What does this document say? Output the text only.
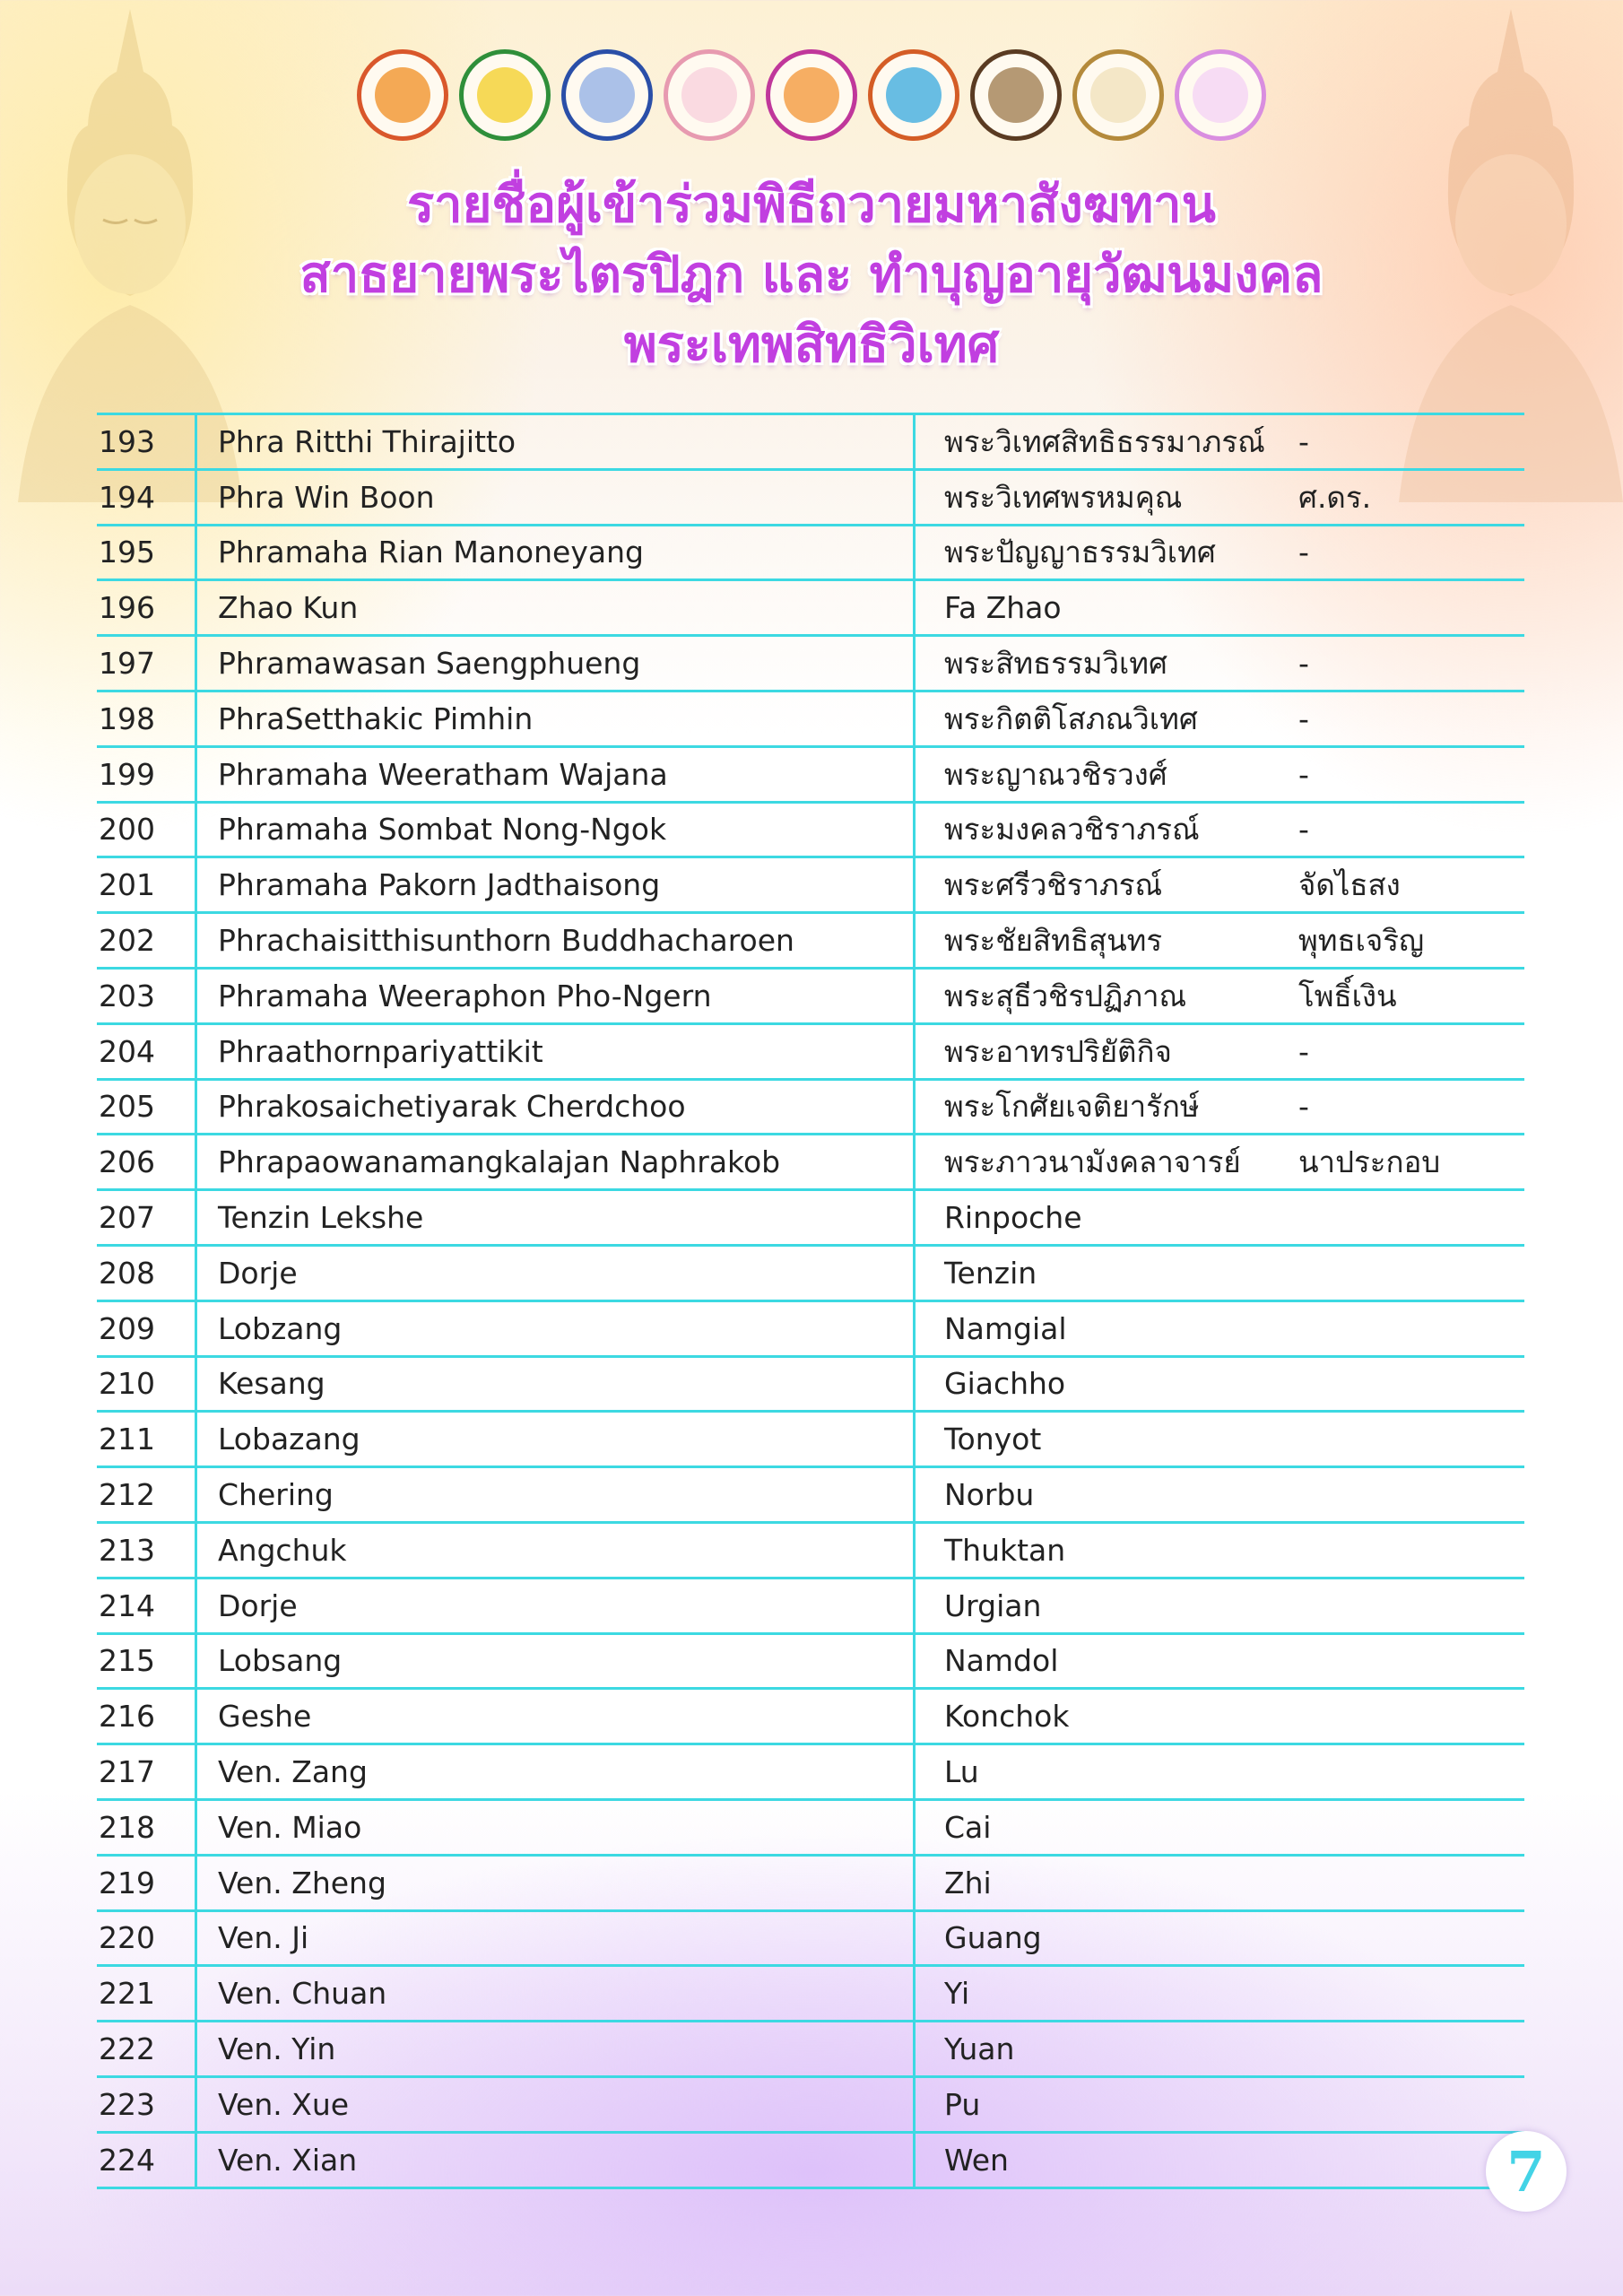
รายชื่อผู้เข้าร่วมพิธีถวายมหาสังฆทาน
สาธยายพระไตรปิฎก และ ทำบุญอายุวัฒนมงคล
พระเทพสิทธิวิเทศ
193	Phra Ritthi Thirajitto	พระวิเทศสิทธิธรรมาภรณ์	-
194	Phra Win Boon	พระวิเทศพรหมคุณ	ศ.ดร.
195	Phramaha Rian Manoneyang	พระปัญญาธรรมวิเทศ	-
196	Zhao Kun	Fa Zhao	
197	Phramawasan Saengphueng	พระสิทธรรมวิเทศ	-
198	PhraSetthakic Pimhin	พระกิตติโสภณวิเทศ	-
199	Phramaha Weeratham Wajana	พระญาณวชิรวงศ์	-
200	Phramaha Sombat Nong-Ngok	พระมงคลวชิราภรณ์	-
201	Phramaha Pakorn Jadthaisong	พระศรีวชิราภรณ์	จัดไธสง
202	Phrachaisitthisunthorn Buddhacharoen	พระชัยสิทธิสุนทร	พุทธเจริญ
203	Phramaha Weeraphon Pho-Ngern	พระสุธีวชิรปฏิภาณ	โพธิ์เงิน
204	Phraathornpariyattikit	พระอาทรปริยัติกิจ	-
205	Phrakosaichetiyarak Cherdchoo	พระโกศัยเจติยารักษ์	-
206	Phrapaowanamangkalajan Naphrakob	พระภาวนามังคลาจารย์	นาประกอบ
207	Tenzin Lekshe	Rinpoche	
208	Dorje	Tenzin	
209	Lobzang	Namgial	
210	Kesang	Giachho	
211	Lobazang	Tonyot	
212	Chering	Norbu	
213	Angchuk	Thuktan	
214	Dorje	Urgian	
215	Lobsang	Namdol	
216	Geshe	Konchok	
217	Ven. Zang	Lu	
218	Ven. Miao	Cai	
219	Ven. Zheng	Zhi	
220	Ven. Ji	Guang	
221	Ven. Chuan	Yi	
222	Ven. Yin	Yuan	
223	Ven. Xue	Pu	
224	Ven. Xian	Wen		7
